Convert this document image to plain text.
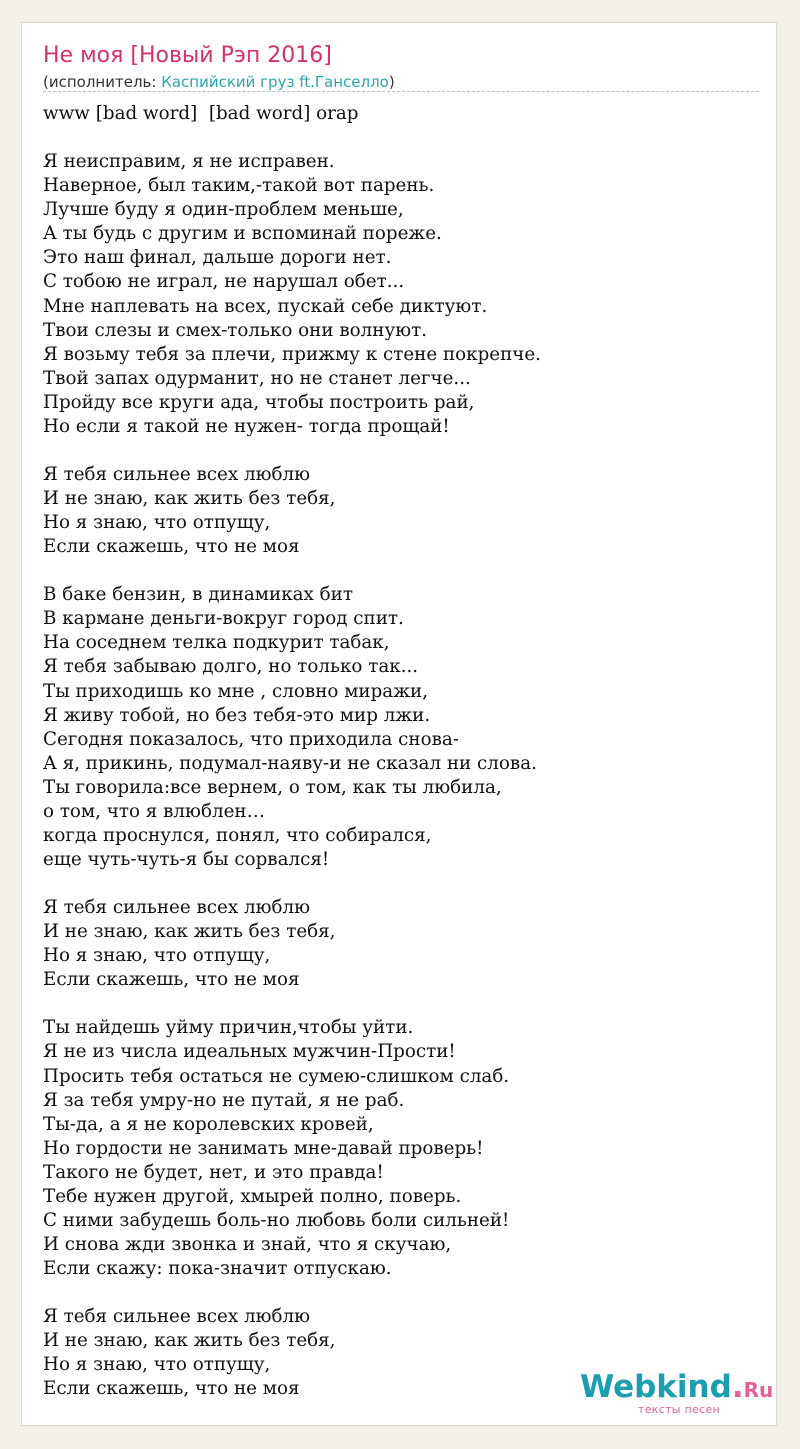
Не моя [Новый Рэп 2016]
(исполнитель: Каспийский груз ft.Ганселло)
www [bad word]  [bad word] orap

Я неисправим, я не исправен.
Наверное, был таким,-такой вот парень.
Лучше буду я один-проблем меньше,
А ты будь с другим и вспоминай пореже.
Это наш финал, дальше дороги нет.
С тобою не играл, не нарушал обет...
Мне наплевать на всех, пускай себе диктуют.
Твои слезы и смех-только они волнуют.
Я возьму тебя за плечи, прижму к стене покрепче.
Твой запах одурманит, но не станет легче...
Пройду все круги ада, чтобы построить рай,
Но если я такой не нужен- тогда прощай!

Я тебя сильнее всех люблю
И не знаю, как жить без тебя,
Но я знаю, что отпущу,
Если скажешь, что не моя

В баке бензин, в динамиках бит
В кармане деньги-вокруг город спит.
На соседнем телка подкурит табак,
Я тебя забываю долго, но только так...
Ты приходишь ко мне , словно миражи,
Я живу тобой, но без тебя-это мир лжи.
Сегодня показалось, что приходила снова-
А я, прикинь, подумал-наяву-и не сказал ни слова.
Ты говорила:все вернем, о том, как ты любила,
о том, что я влюблен…
когда проснулся, понял, что собирался,
еще чуть-чуть-я бы сорвался!

Я тебя сильнее всех люблю
И не знаю, как жить без тебя,
Но я знаю, что отпущу,
Если скажешь, что не моя

Ты найдешь уйму причин,чтобы уйти.
Я не из числа идеальных мужчин-Прости!
Просить тебя остаться не сумею-слишком слаб.
Я за тебя умру-но не путай, я не раб.
Ты-да, а я не королевских кровей,
Но гордости не занимать мне-давай проверь!
Такого не будет, нет, и это правда!
Тебе нужен другой, хмырей полно, поверь.
С ними забудешь боль-но любовь боли сильней!
И снова жди звонка и знай, что я скучаю,
Если скажу: пока-значит отпускаю.

Я тебя сильнее всех люблю
И не знаю, как жить без тебя,
Но я знаю, что отпущу,
Если скажешь, что не моя	Webkind.Ru
тексты песен
